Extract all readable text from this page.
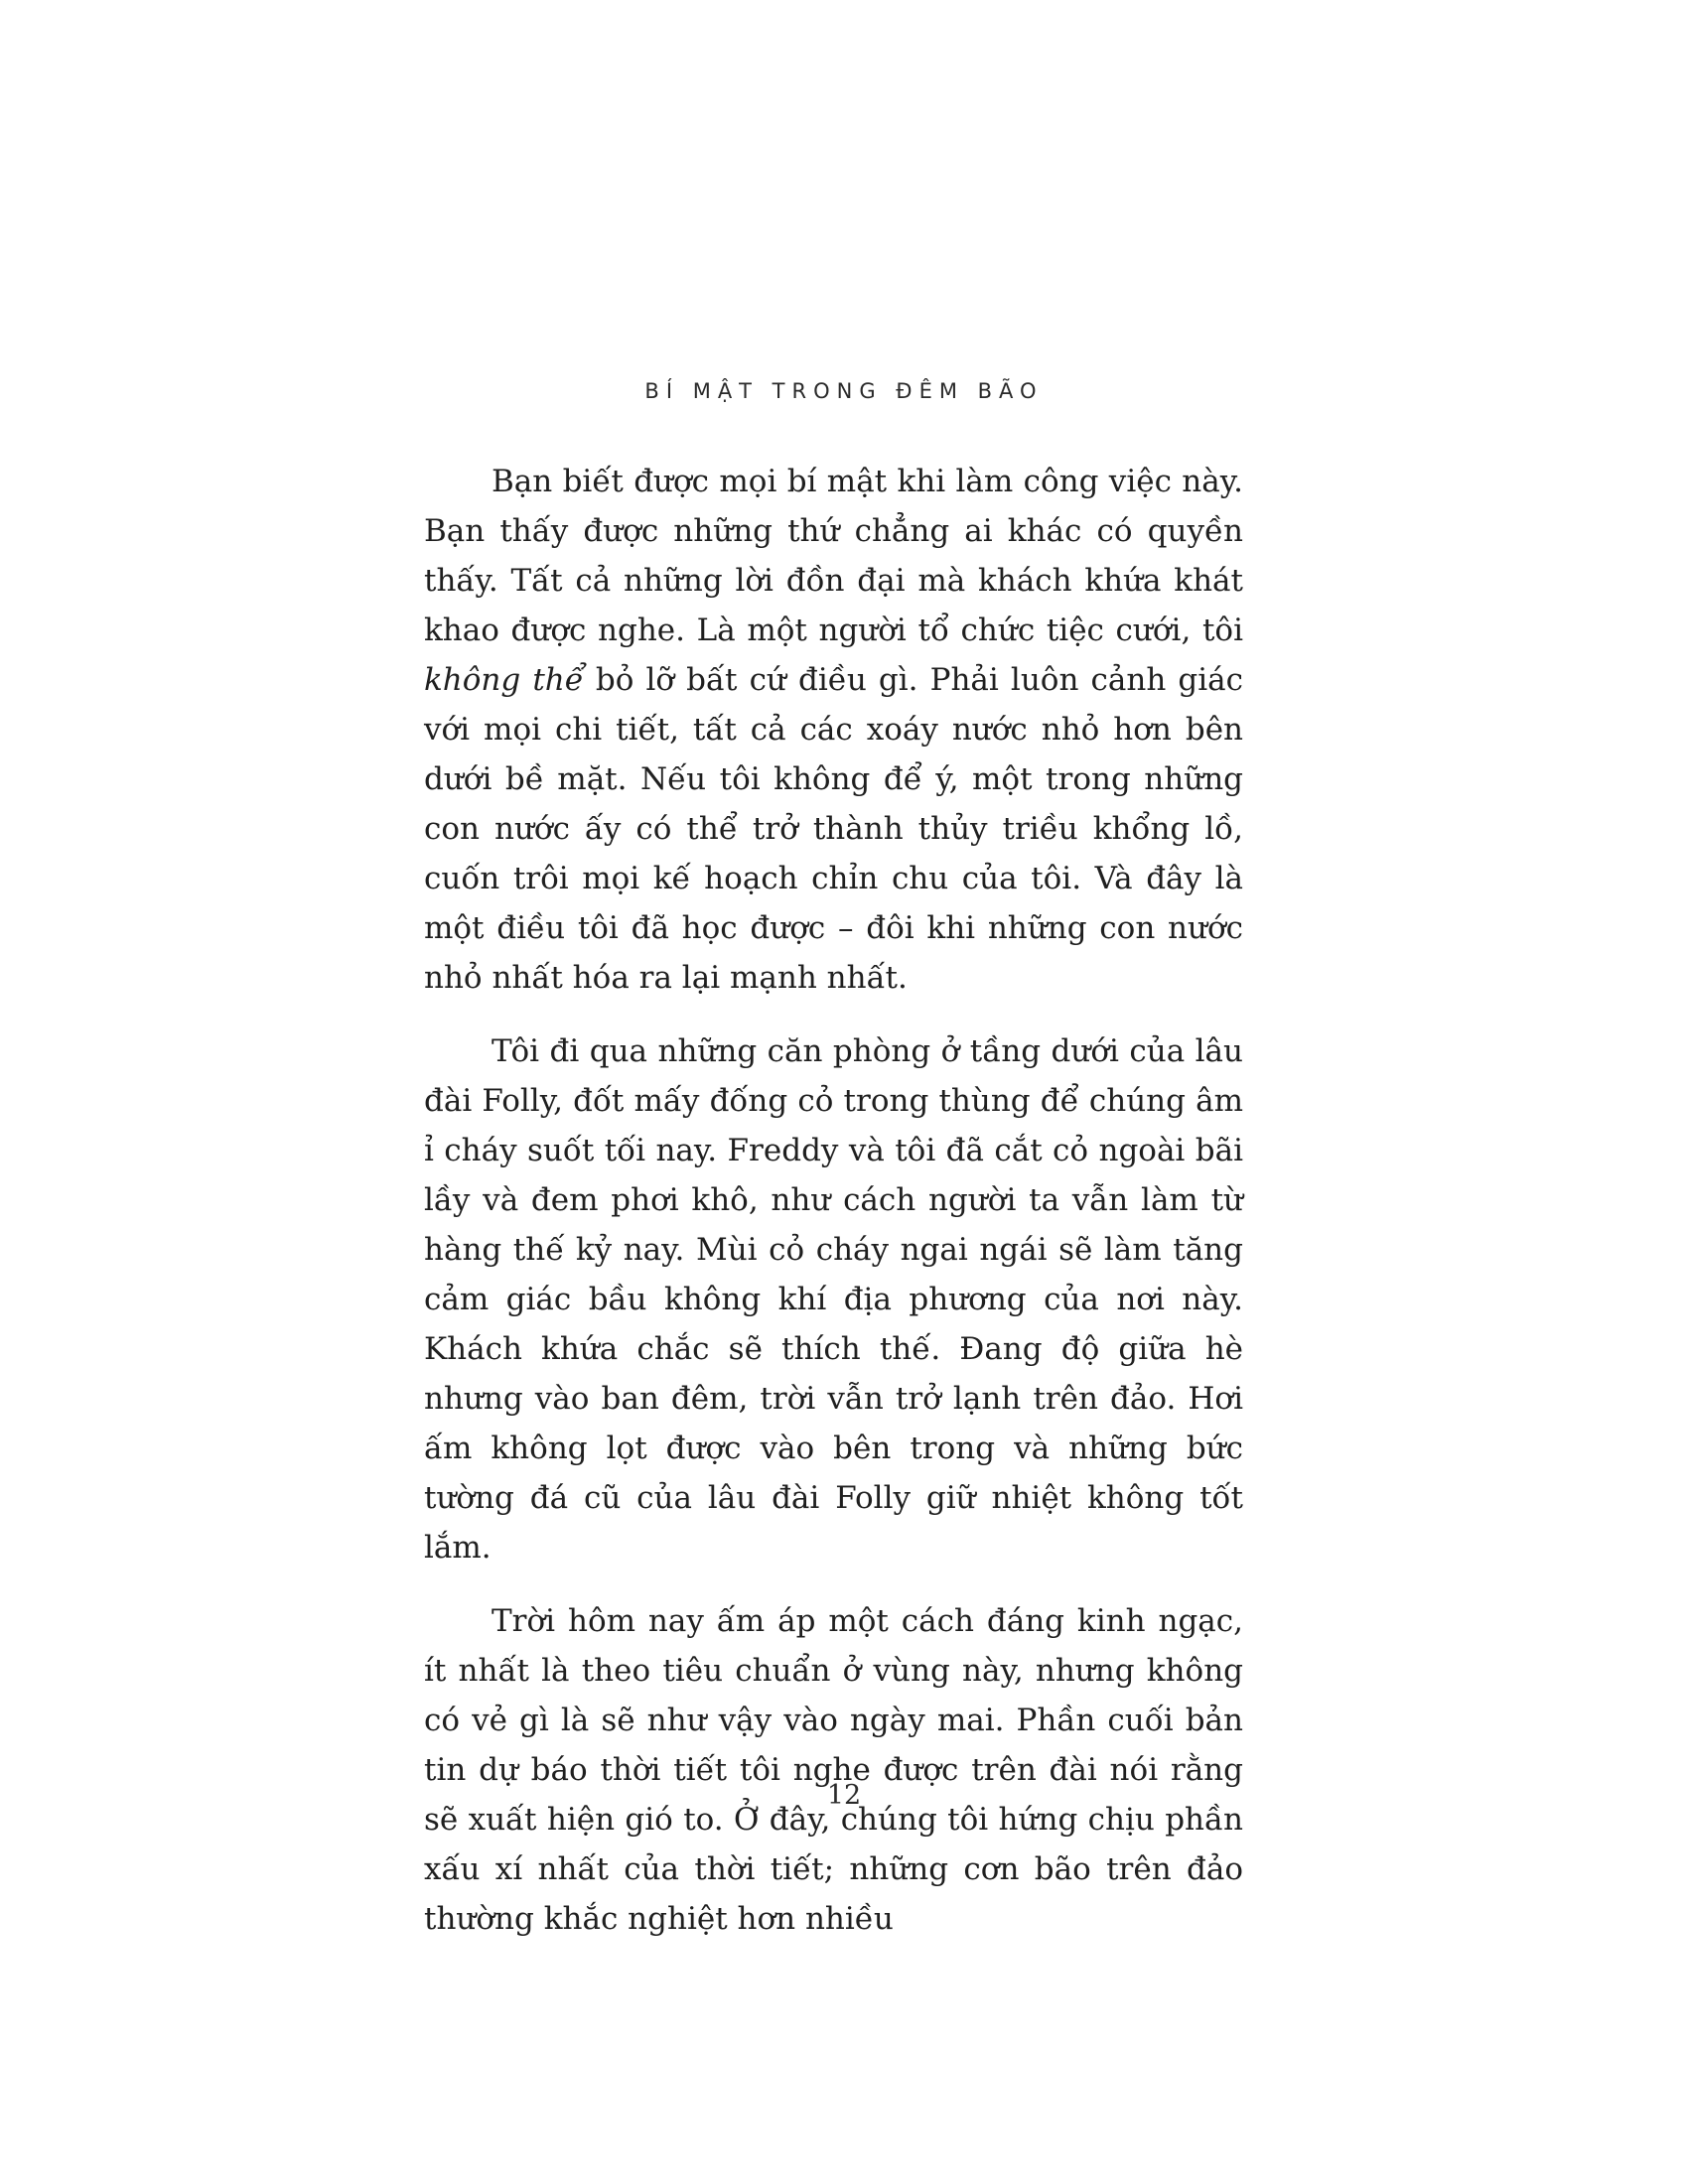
BÍ MẬT TRONG ĐÊM BÃO

Bạn biết được mọi bí mật khi làm công việc này. Bạn thấy được những thứ chẳng ai khác có quyền thấy. Tất cả những lời đồn đại mà khách khứa khát khao được nghe. Là một người tổ chức tiệc cưới, tôi không thể bỏ lỡ bất cứ điều gì. Phải luôn cảnh giác với mọi chi tiết, tất cả các xoáy nước nhỏ hơn bên dưới bề mặt. Nếu tôi không để ý, một trong những con nước ấy có thể trở thành thủy triều khổng lồ, cuốn trôi mọi kế hoạch chỉn chu của tôi. Và đây là một điều tôi đã học được – đôi khi những con nước nhỏ nhất hóa ra lại mạnh nhất.

Tôi đi qua những căn phòng ở tầng dưới của lâu đài Folly, đốt mấy đống cỏ trong thùng để chúng âm ỉ cháy suốt tối nay. Freddy và tôi đã cắt cỏ ngoài bãi lầy và đem phơi khô, như cách người ta vẫn làm từ hàng thế kỷ nay. Mùi cỏ cháy ngai ngái sẽ làm tăng cảm giác bầu không khí địa phương của nơi này. Khách khứa chắc sẽ thích thế. Đang độ giữa hè nhưng vào ban đêm, trời vẫn trở lạnh trên đảo. Hơi ấm không lọt được vào bên trong và những bức tường đá cũ của lâu đài Folly giữ nhiệt không tốt lắm.

Trời hôm nay ấm áp một cách đáng kinh ngạc, ít nhất là theo tiêu chuẩn ở vùng này, nhưng không có vẻ gì là sẽ như vậy vào ngày mai. Phần cuối bản tin dự báo thời tiết tôi nghe được trên đài nói rằng sẽ xuất hiện gió to. Ở đây, chúng tôi hứng chịu phần xấu xí nhất của thời tiết; những cơn bão trên đảo thường khắc nghiệt hơn nhiều

12
